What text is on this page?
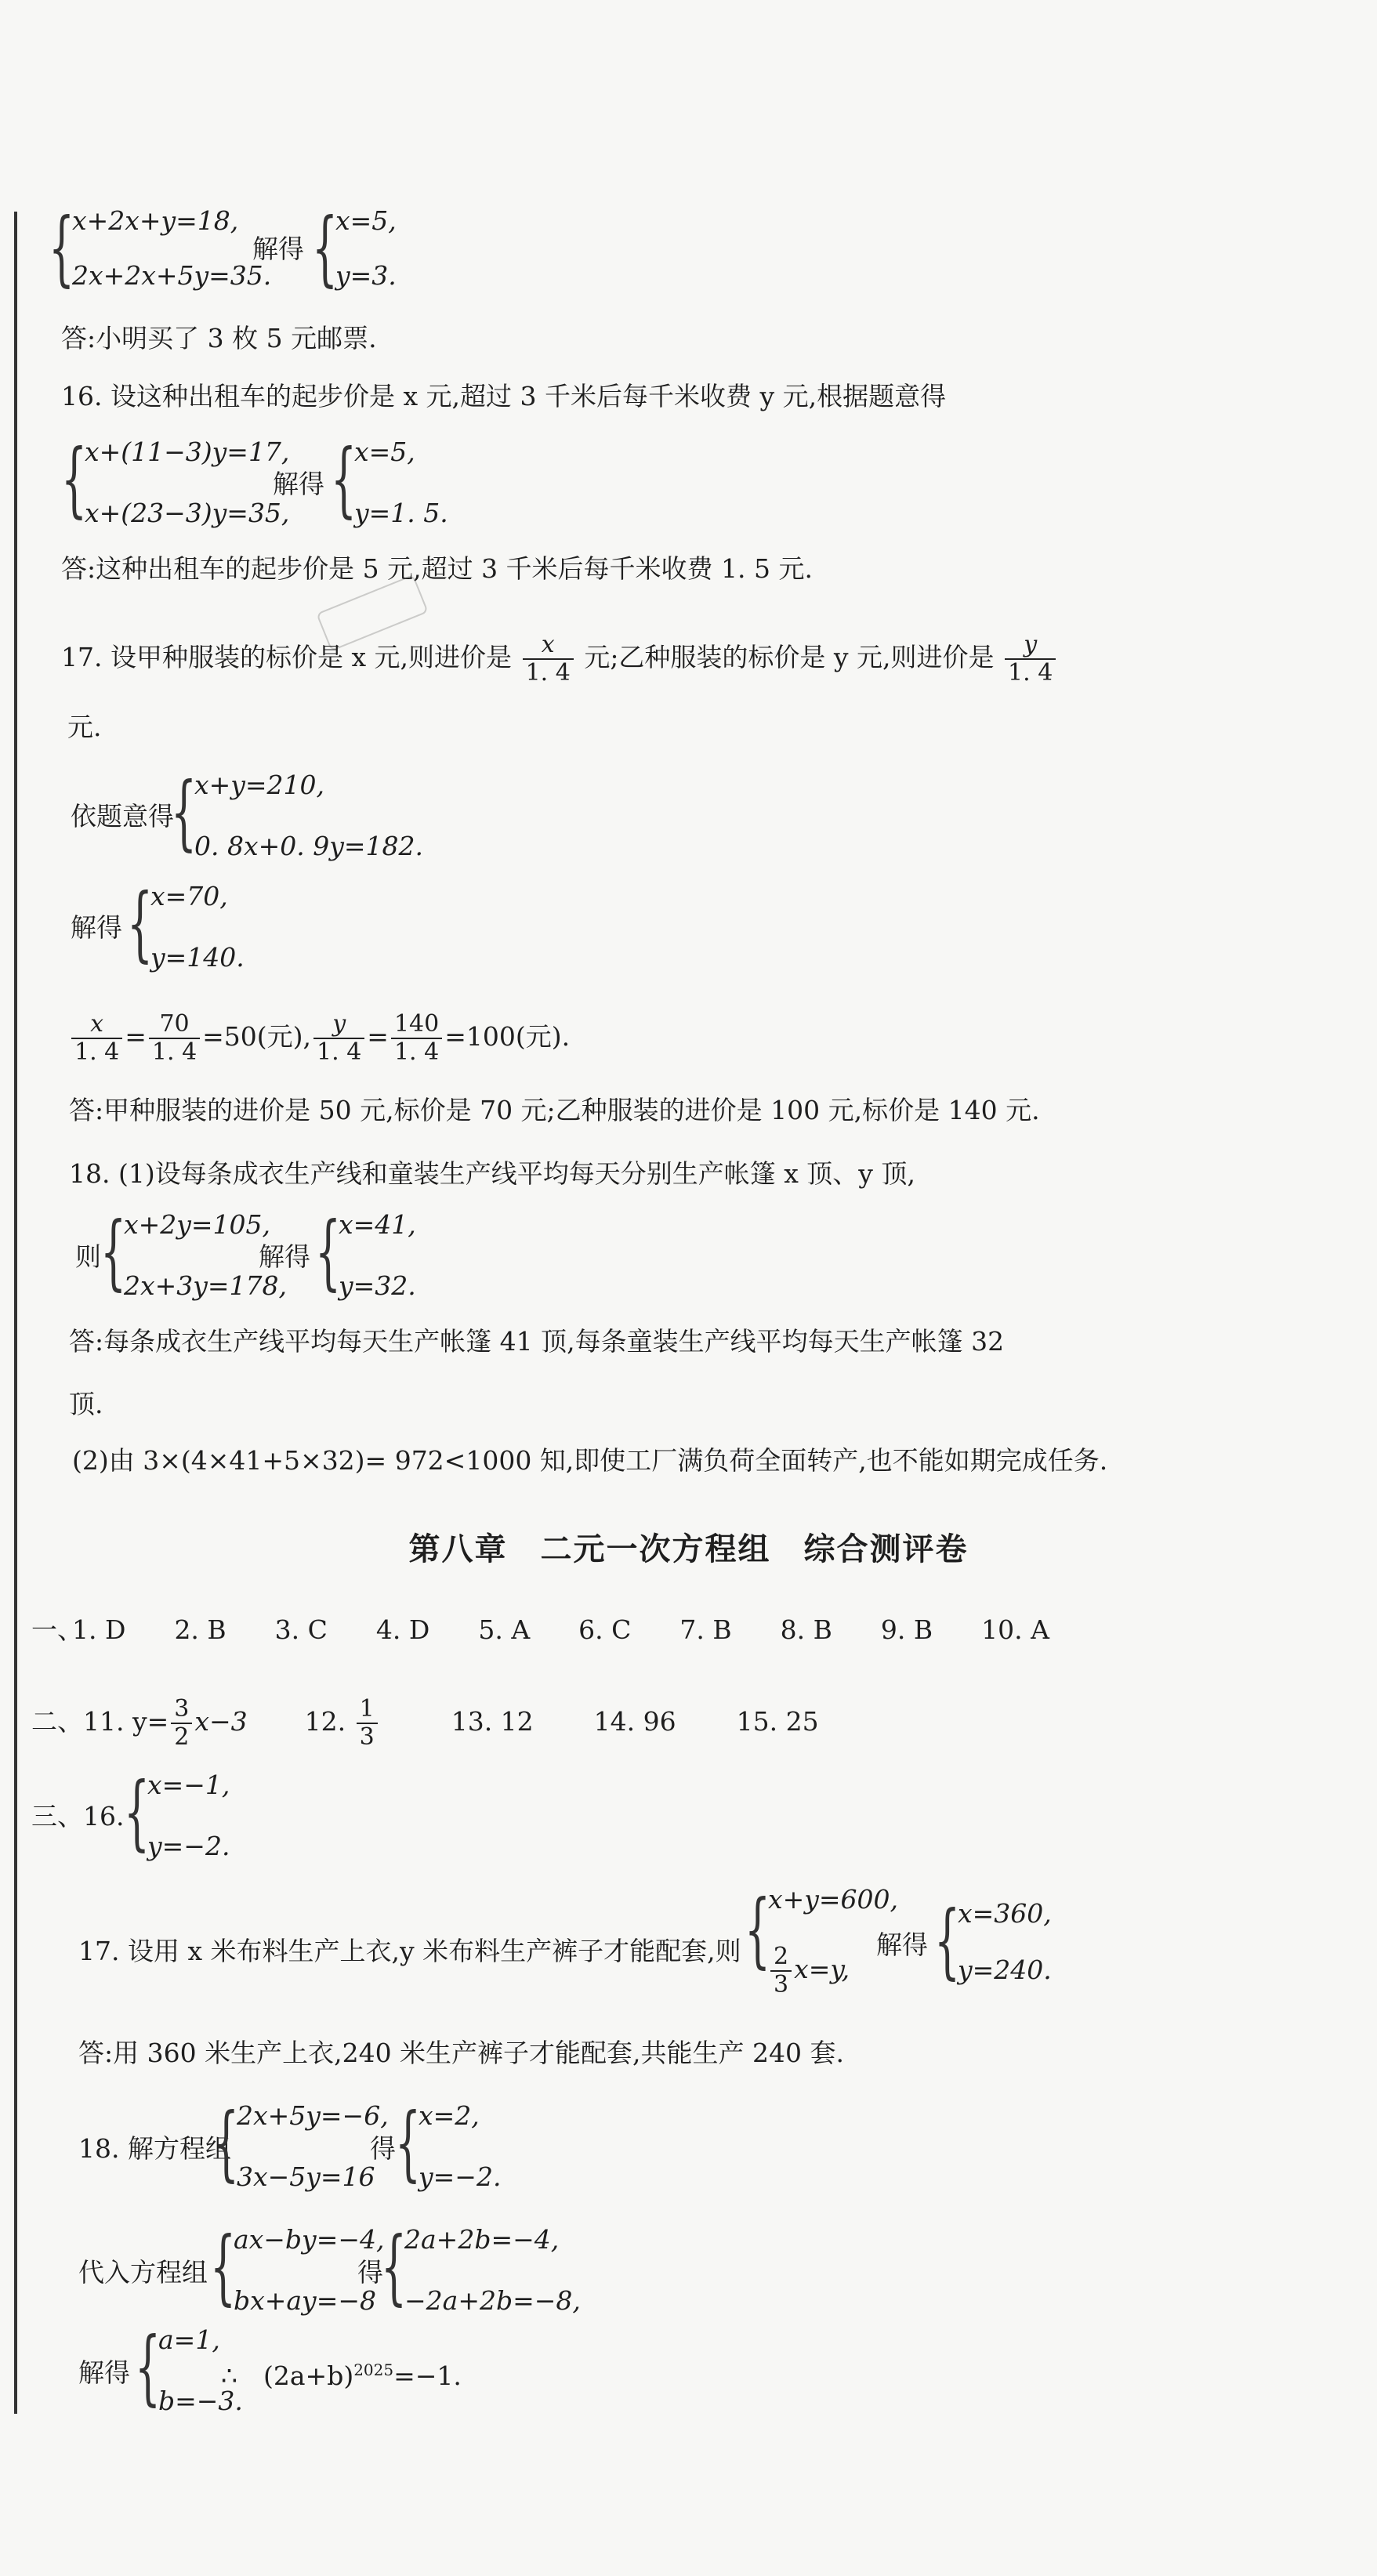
{
x+2x+y=18,
2x+2x+5y=35.
解得 {
x=5,
y=3.
答:小明买了 3 枚 5 元邮票.
16. 设这种出租车的起步价是 x 元,超过 3 千米后每千米收费 y 元,根据题意得
{
x+(11−3)y=17,
x+(23−3)y=35,
解得 {
x=5,
y=1. 5.
答:这种出租车的起步价是 5 元,超过 3 千米后每千米收费 1. 5 元.
17. 设甲种服装的标价是 x 元,则进价是 $\frac{x}{1. 4}$ 元;乙种服装的标价是 y 元,则进价是 $\frac{y}{1. 4}$
元.
依题意得
{
x+y=210,
0. 8x+0. 9y=182.
解得 {
x=70,
y=140.
$\frac{x}{1. 4} = \frac{70}{1. 4} =50$(元), $\frac{y}{1. 4} = \frac{140}{1. 4} =100$(元).
答:甲种服装的进价是 50 元,标价是 70 元;乙种服装的进价是 100 元,标价是 140 元.
18. (1)设每条成衣生产线和童装生产线平均每天分别生产帐篷 x 顶、y 顶,
则 {
x+2y=105,
2x+3y=178,
解得 {
x=41,
y=32.
答:每条成衣生产线平均每天生产帐篷 41 顶,每条童装生产线平均每天生产帐篷 32
顶.
(2)由 3×(4×41+5×32)= 972<1000 知,即使工厂满负荷全面转产,也不能如期完成任务.
第八章　二元一次方程组　综合测评卷
一、
1. D 2. B 3. C 4. D 5. A 6. C 7. B 8. B 9. B 10. A
二、11. $y= \frac{3}{2} x-3$ 12. $\frac{1}{3}$	13. 12 14. 96 15. 25
三、16. {
x=−1,
y=−2.
17. 设用 x 米布料生产上衣,y 米布料生产裤子才能配套,则 {
x+y=600,
$\frac{2}{3} x=y$,
解得 {
x=360,
y=240.
答:用 360 米生产上衣,240 米生产裤子才能配套,共能生产 240 套.
18. 解方程组
{
2x+5y=−6,
3x−5y=16
得 {
x=2,
y=−2.
代入方程组 {
ax−by=−4,
bx+ay=−8
得
{
2a+2b=−4,
−2a+2b=−8,
解得 {
a=1,
b=−3.
∴　$(2a+b)^{2025}=-1$.
